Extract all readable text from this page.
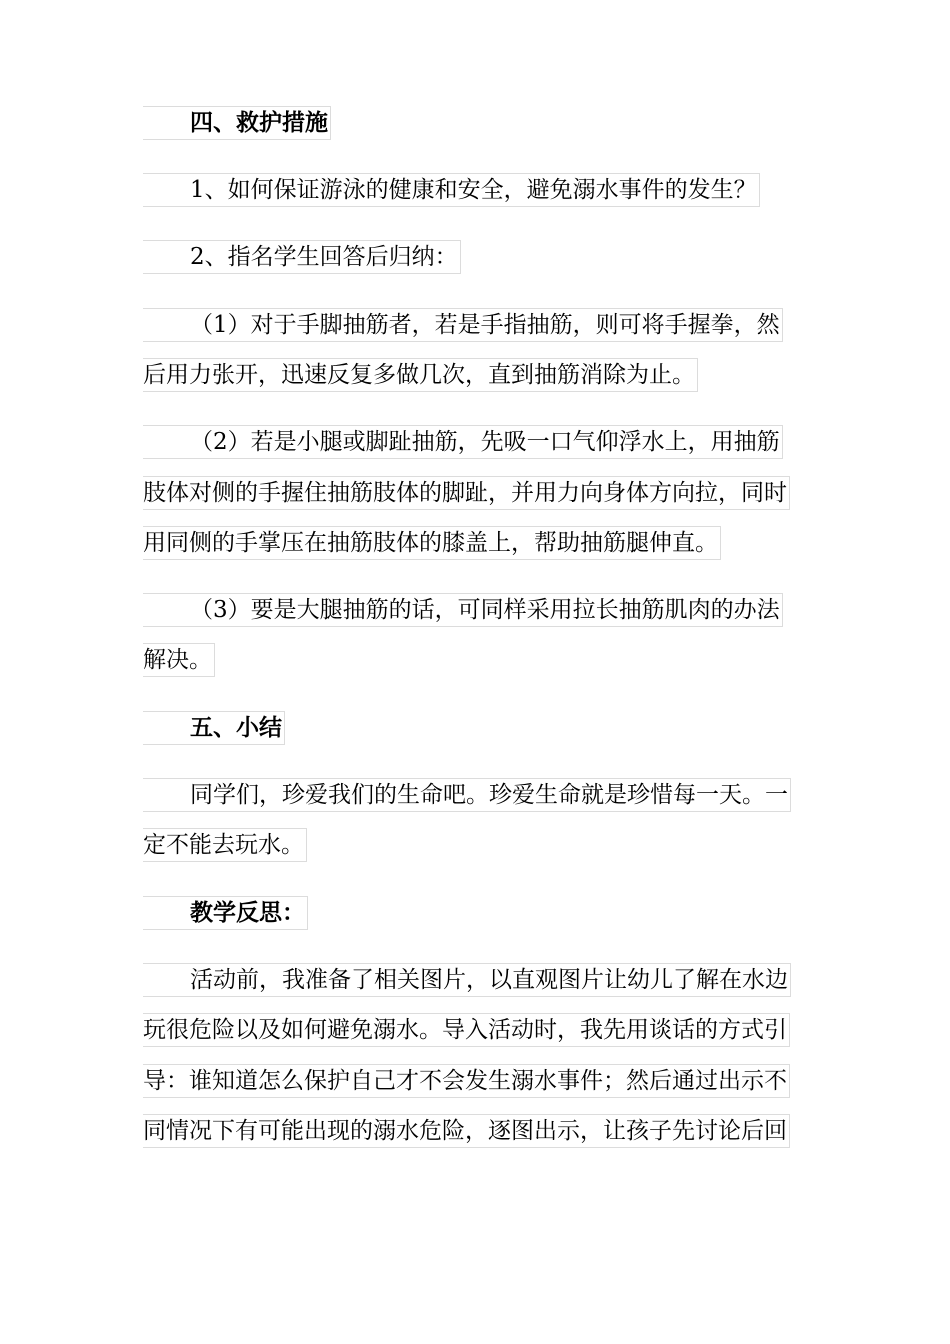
四、救护措施
1、如何保证游泳的健康和安全，避免溺水事件的发生？
2、指名学生回答后归纳：
（1）对于手脚抽筋者，若是手指抽筋，则可将手握拳，然
后用力张开，迅速反复多做几次，直到抽筋消除为止。
（2）若是小腿或脚趾抽筋，先吸一口气仰浮水上，用抽筋
肢体对侧的手握住抽筋肢体的脚趾，并用力向身体方向拉，同时
用同侧的手掌压在抽筋肢体的膝盖上，帮助抽筋腿伸直。
（3）要是大腿抽筋的话，可同样采用拉长抽筋肌肉的办法
解决。
五、小结
同学们，珍爱我们的生命吧。珍爱生命就是珍惜每一天。一
定不能去玩水。
教学反思：
活动前，我准备了相关图片，以直观图片让幼儿了解在水边
玩很危险以及如何避免溺水。导入活动时，我先用谈话的方式引
导：谁知道怎么保护自己才不会发生溺水事件；然后通过出示不
同情况下有可能出现的溺水危险，逐图出示，让孩子先讨论后回
